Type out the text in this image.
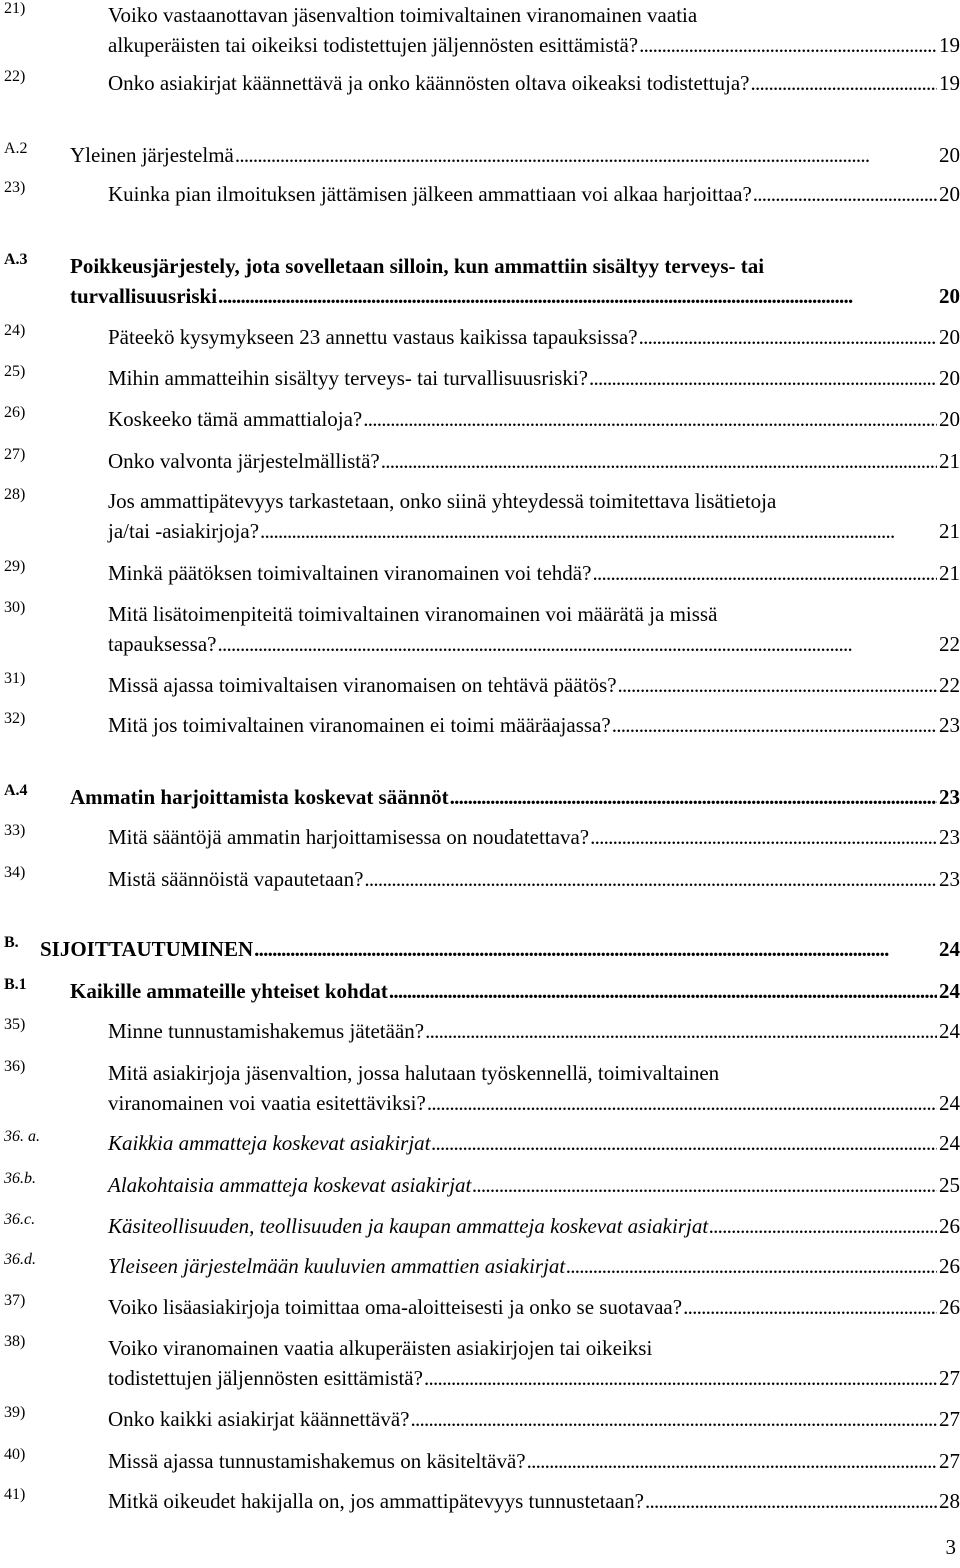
21)	Voiko vastaanottavan jäsenvaltion toimivaltainen viranomainen vaatia
alkuperäisten tai oikeiksi todistettujen jäljennösten esittämistä? . . .	19
22)	Onko asiakirjat käännettävä ja onko käännösten oltava oikeaksi todistettuja? . . .	19
A.2 Yleinen järjestelmä . . .	20
23)	Kuinka pian ilmoituksen jättämisen jälkeen ammattiaan voi alkaa harjoittaa? . . .	20
A.3 Poikkeusjärjestely, jota sovelletaan silloin, kun ammattiin sisältyy terveys- tai
turvallisuusriski . . .	20
24)	Päteekö kysymykseen 23 annettu vastaus kaikissa tapauksissa? . . .	20
25)	Mihin ammatteihin sisältyy terveys- tai turvallisuusriski? . . .	20
26)	Koskeeko tämä ammattialoja? . . .	20
27)	Onko valvonta järjestelmällistä? . . .	21
28)	Jos ammattipätevyys tarkastetaan, onko siinä yhteydessä toimitettava lisätietoja
ja/tai -asiakirjoja? . . .	21
29)	Minkä päätöksen toimivaltainen viranomainen voi tehdä? . . .	21
30)	Mitä lisätoimenpiteitä toimivaltainen viranomainen voi määrätä ja missä
tapauksessa? . . .	22
31)	Missä ajassa toimivaltaisen viranomaisen on tehtävä päätös? . . .	22
32)	Mitä jos toimivaltainen viranomainen ei toimi määräajassa? . . .	23
A.4 Ammatin harjoittamista koskevat säännöt . . .	23
33)	Mitä sääntöjä ammatin harjoittamisessa on noudatettava? . . .	23
34)	Mistä säännöistä vapautetaan? . . .	23
B. SIJOITTAUTUMINEN . . .	24
B.1 Kaikille ammateille yhteiset kohdat . . .	24
35)	Minne tunnustamishakemus jätetään? . . .	24
36)	Mitä asiakirjoja jäsenvaltion, jossa halutaan työskennellä, toimivaltainen
viranomainen voi vaatia esitettäviksi? . . .	24
36. a.	Kaikkia ammatteja koskevat asiakirjat . . .	24
36.b.	Alakohtaisia ammatteja koskevat asiakirjat . . .	25
36.c.	Käsiteollisuuden, teollisuuden ja kaupan ammatteja koskevat asiakirjat . . .	26
36.d.	Yleiseen järjestelmään kuuluvien ammattien asiakirjat . . .	26
37)	Voiko lisäasiakirjoja toimittaa oma-aloitteisesti ja onko se suotavaa? . . .	26
38)	Voiko viranomainen vaatia alkuperäisten asiakirjojen tai oikeiksi
todistettujen jäljennösten esittämistä? . . .	27
39)	Onko kaikki asiakirjat käännettävä? . . .	27
40)	Missä ajassa tunnustamishakemus on käsiteltävä? . . .	27
41)	Mitkä oikeudet hakijalla on, jos ammattipätevyys tunnustetaan? . . .	28
3
